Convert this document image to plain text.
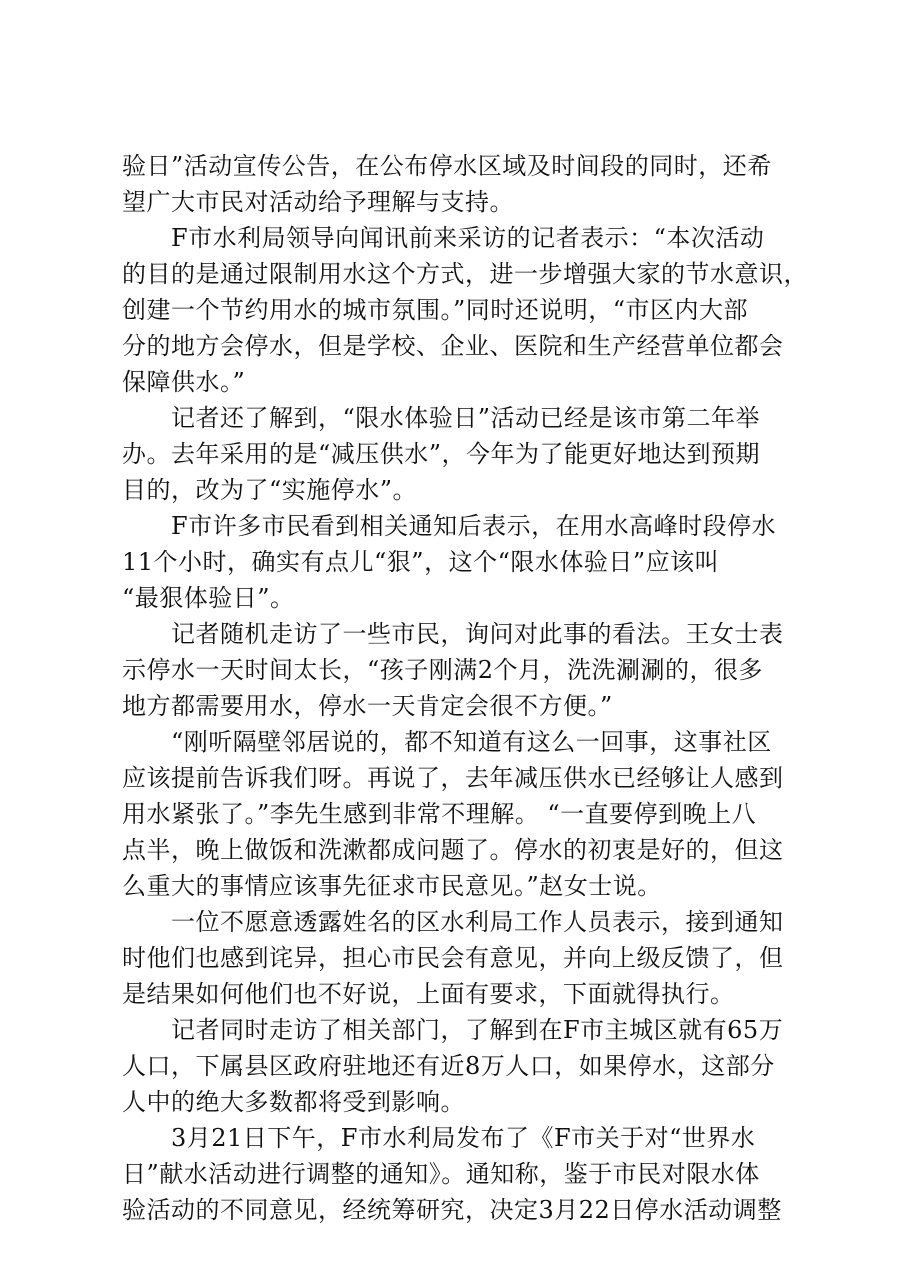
验日”活动宣传公告，在公布停水区域及时间段的同时，还希
望广大市民对活动给予理解与支持。

　　F市水利局领导向闻讯前来采访的记者表示：“本次活动
的目的是通过限制用水这个方式，进一步增强大家的节水意识，
创建一个节约用水的城市氛围。”同时还说明，“市区内大部
分的地方会停水，但是学校、企业、医院和生产经营单位都会
保障供水。”

　　记者还了解到，“限水体验日”活动已经是该市第二年举
办。去年采用的是“减压供水”，今年为了能更好地达到预期
目的，改为了“实施停水”。

　　F市许多市民看到相关通知后表示，在用水高峰时段停水
11个小时，确实有点儿“狠”，这个“限水体验日”应该叫
“最狠体验日”。

　　记者随机走访了一些市民，询问对此事的看法。王女士表
示停水一天时间太长，“孩子刚满2个月，洗洗涮涮的，很多
地方都需要用水，停水一天肯定会很不方便。”

　　“刚听隔壁邻居说的，都不知道有这么一回事，这事社区
应该提前告诉我们呀。再说了，去年减压供水已经够让人感到
用水紧张了。”李先生感到非常不理解。 “一直要停到晚上八
点半，晚上做饭和洗漱都成问题了。停水的初衷是好的，但这
么重大的事情应该事先征求市民意见。”赵女士说。

　　一位不愿意透露姓名的区水利局工作人员表示，接到通知
时他们也感到诧异，担心市民会有意见，并向上级反馈了，但
是结果如何他们也不好说，上面有要求，下面就得执行。

　　记者同时走访了相关部门，了解到在F市主城区就有65万
人口，下属县区政府驻地还有近8万人口，如果停水，这部分
人中的绝大多数都将受到影响。

　　3月21日下午，F市水利局发布了《F市关于对“世界水
日”献水活动进行调整的通知》。通知称，鉴于市民对限水体
验活动的不同意见，经统筹研究，决定3月22日停水活动调整
